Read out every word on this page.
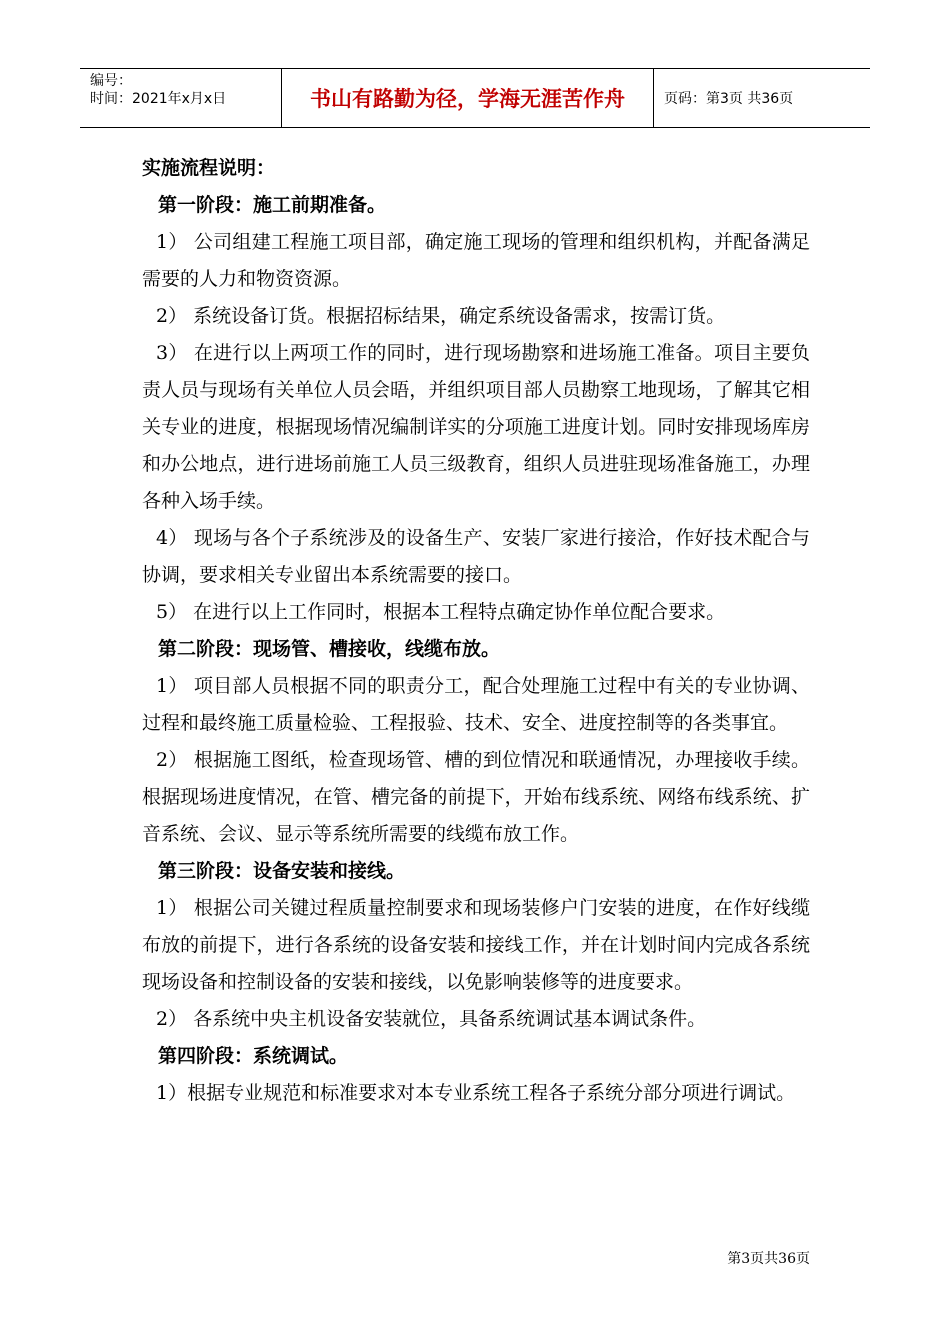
编号：
时间：2021年x月x日	书山有路勤为径，学海无涯苦作舟	页码：第3页 共36页

实施流程说明：

第一阶段：施工前期准备。

1） 公司组建工程施工项目部，确定施工现场的管理和组织机构，并配备满足需要的人力和物资资源。

2） 系统设备订货。根据招标结果，确定系统设备需求，按需订货。

3） 在进行以上两项工作的同时，进行现场勘察和进场施工准备。项目主要负责人员与现场有关单位人员会晤，并组织项目部人员勘察工地现场，了解其它相关专业的进度，根据现场情况编制详实的分项施工进度计划。同时安排现场库房和办公地点，进行进场前施工人员三级教育，组织人员进驻现场准备施工，办理各种入场手续。

4） 现场与各个子系统涉及的设备生产、安装厂家进行接洽，作好技术配合与协调，要求相关专业留出本系统需要的接口。

5） 在进行以上工作同时，根据本工程特点确定协作单位配合要求。

第二阶段：现场管、槽接收，线缆布放。

1） 项目部人员根据不同的职责分工，配合处理施工过程中有关的专业协调、过程和最终施工质量检验、工程报验、技术、安全、进度控制等的各类事宜。

2） 根据施工图纸，检查现场管、槽的到位情况和联通情况，办理接收手续。根据现场进度情况，在管、槽完备的前提下，开始布线系统、网络布线系统、扩音系统、会议、显示等系统所需要的线缆布放工作。

第三阶段：设备安装和接线。

1） 根据公司关键过程质量控制要求和现场装修户门安装的进度，在作好线缆布放的前提下，进行各系统的设备安装和接线工作，并在计划时间内完成各系统现场设备和控制设备的安装和接线，以免影响装修等的进度要求。

2） 各系统中央主机设备安装就位，具备系统调试基本调试条件。

第四阶段：系统调试。

1）根据专业规范和标准要求对本专业系统工程各子系统分部分项进行调试。

第3页共36页
